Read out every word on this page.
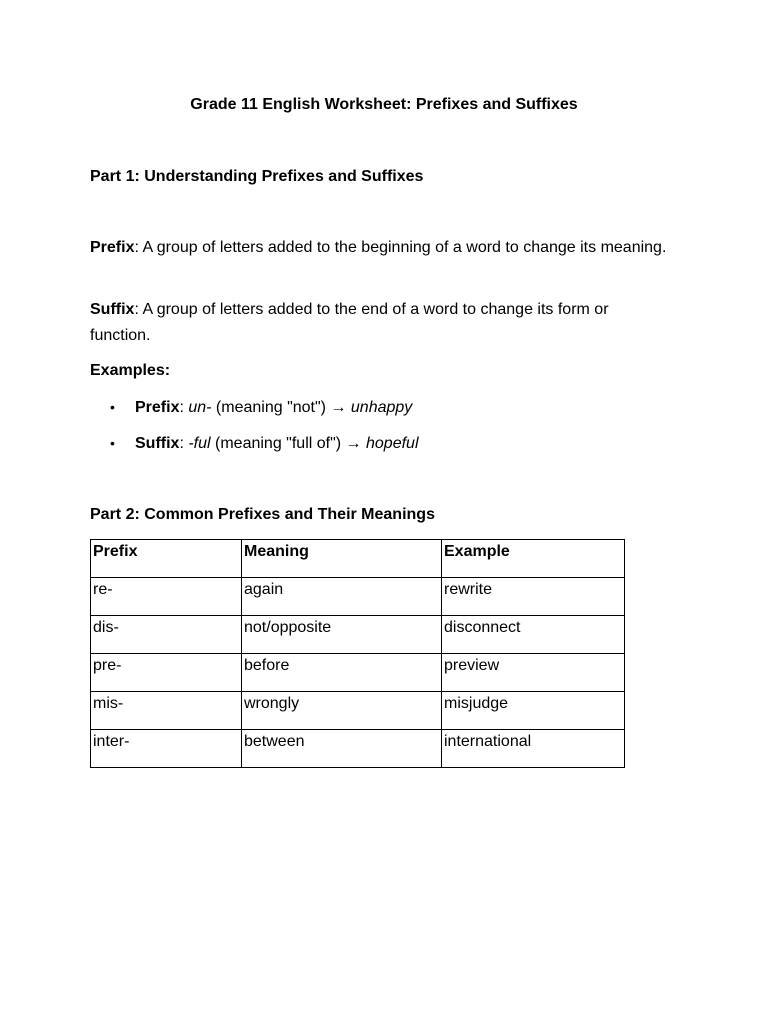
Grade 11 English Worksheet: Prefixes and Suffixes
Part 1: Understanding Prefixes and Suffixes
Prefix: A group of letters added to the beginning of a word to change its meaning.
Suffix: A group of letters added to the end of a word to change its form or function.
Examples:
• Prefix: un- (meaning "not") → unhappy
• Suffix: -ful (meaning "full of") → hopeful
Part 2: Common Prefixes and Their Meanings
Prefix	Meaning	Example
re-	again	rewrite
dis-	not/opposite	disconnect
pre-	before	preview
mis-	wrongly	misjudge
inter-	between	international
